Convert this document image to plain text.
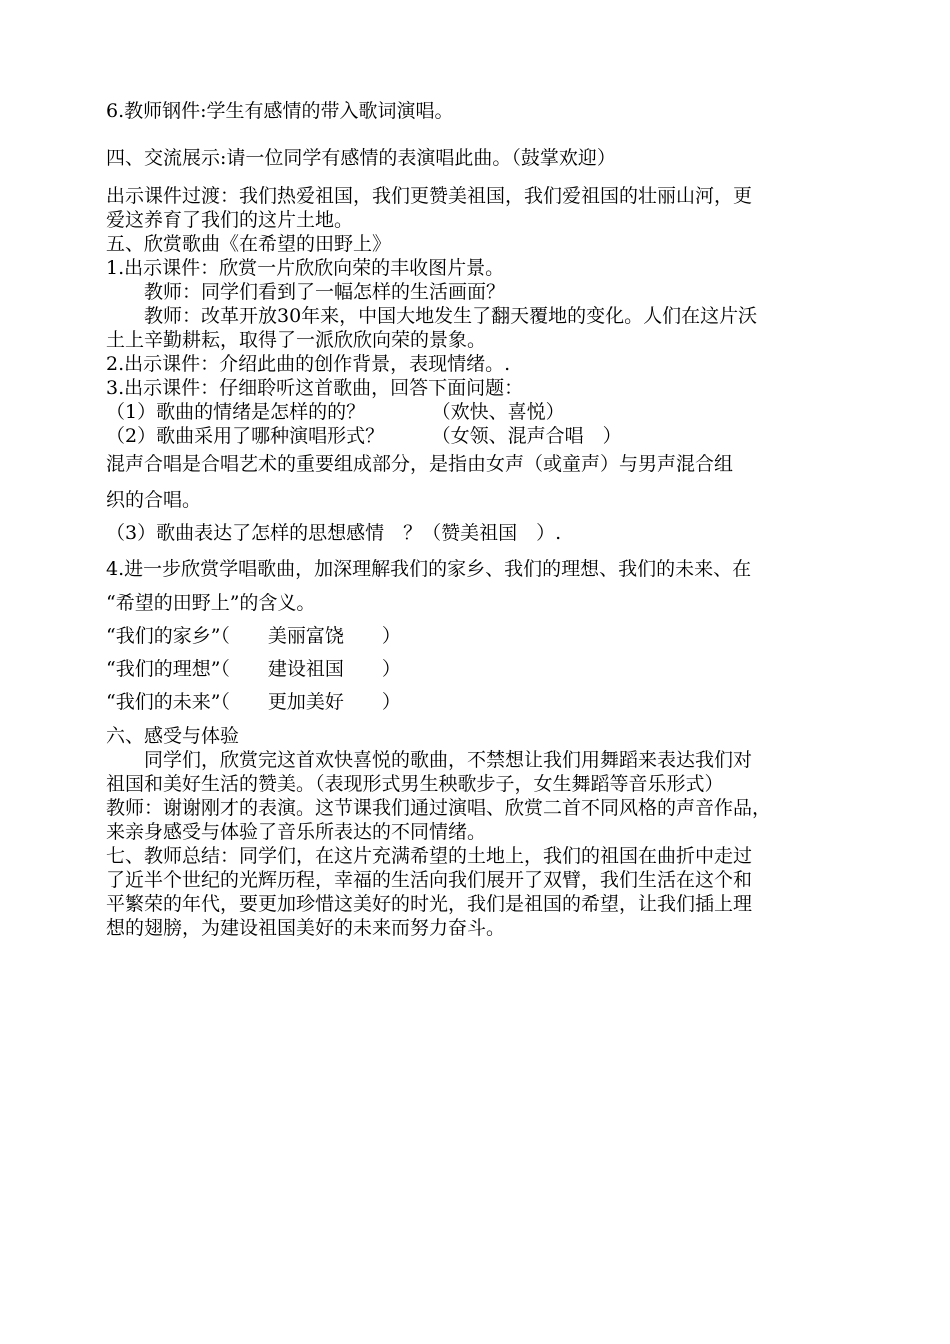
6.教师钢件:学生有感情的带入歌词演唱。
四、交流展示:请一位同学有感情的表演唱此曲。（鼓掌欢迎）
出示课件过渡：我们热爱祖国，我们更赞美祖国，我们爱祖国的壮丽山河，更
爱这养育了我们的这片土地。
五、欣赏歌曲《在希望的田野上》
1.出示课件：欣赏一片欣欣向荣的丰收图片景。
　　教师：同学们看到了一幅怎样的生活画面？
　　教师：改革开放30年来，中国大地发生了翻天覆地的变化。人们在这片沃
土上辛勤耕耘，取得了一派欣欣向荣的景象。
2.出示课件：介绍此曲的创作背景，表现情绪。.
3.出示课件：仔细聆听这首歌曲，回答下面问题：
（1）歌曲的情绪是怎样的的？　　　　（欢快、喜悦）
（2）歌曲采用了哪种演唱形式？　　　（女领、混声合唱　）
混声合唱是合唱艺术的重要组成部分，是指由女声（或童声）与男声混合组
织的合唱。
（3）歌曲表达了怎样的思想感情　？（赞美祖国　）.
4.进一步欣赏学唱歌曲，加深理解我们的家乡、我们的理想、我们的未来、在
“希望的田野上”的含义。
“我们的家乡”（　　美丽富饶　　）
“我们的理想”（　　建设祖国　　）
“我们的未来”（　　更加美好　　）
六、感受与体验
　　同学们，欣赏完这首欢快喜悦的歌曲，不禁想让我们用舞蹈来表达我们对
祖国和美好生活的赞美。（表现形式男生秧歌步子，女生舞蹈等音乐形式）
教师：谢谢刚才的表演。这节课我们通过演唱、欣赏二首不同风格的声音作品，
来亲身感受与体验了音乐所表达的不同情绪。
七、教师总结：同学们，在这片充满希望的土地上，我们的祖国在曲折中走过
了近半个世纪的光辉历程，幸福的生活向我们展开了双臂，我们生活在这个和
平繁荣的年代，要更加珍惜这美好的时光，我们是祖国的希望，让我们插上理
想的翅膀，为建设祖国美好的未来而努力奋斗。
